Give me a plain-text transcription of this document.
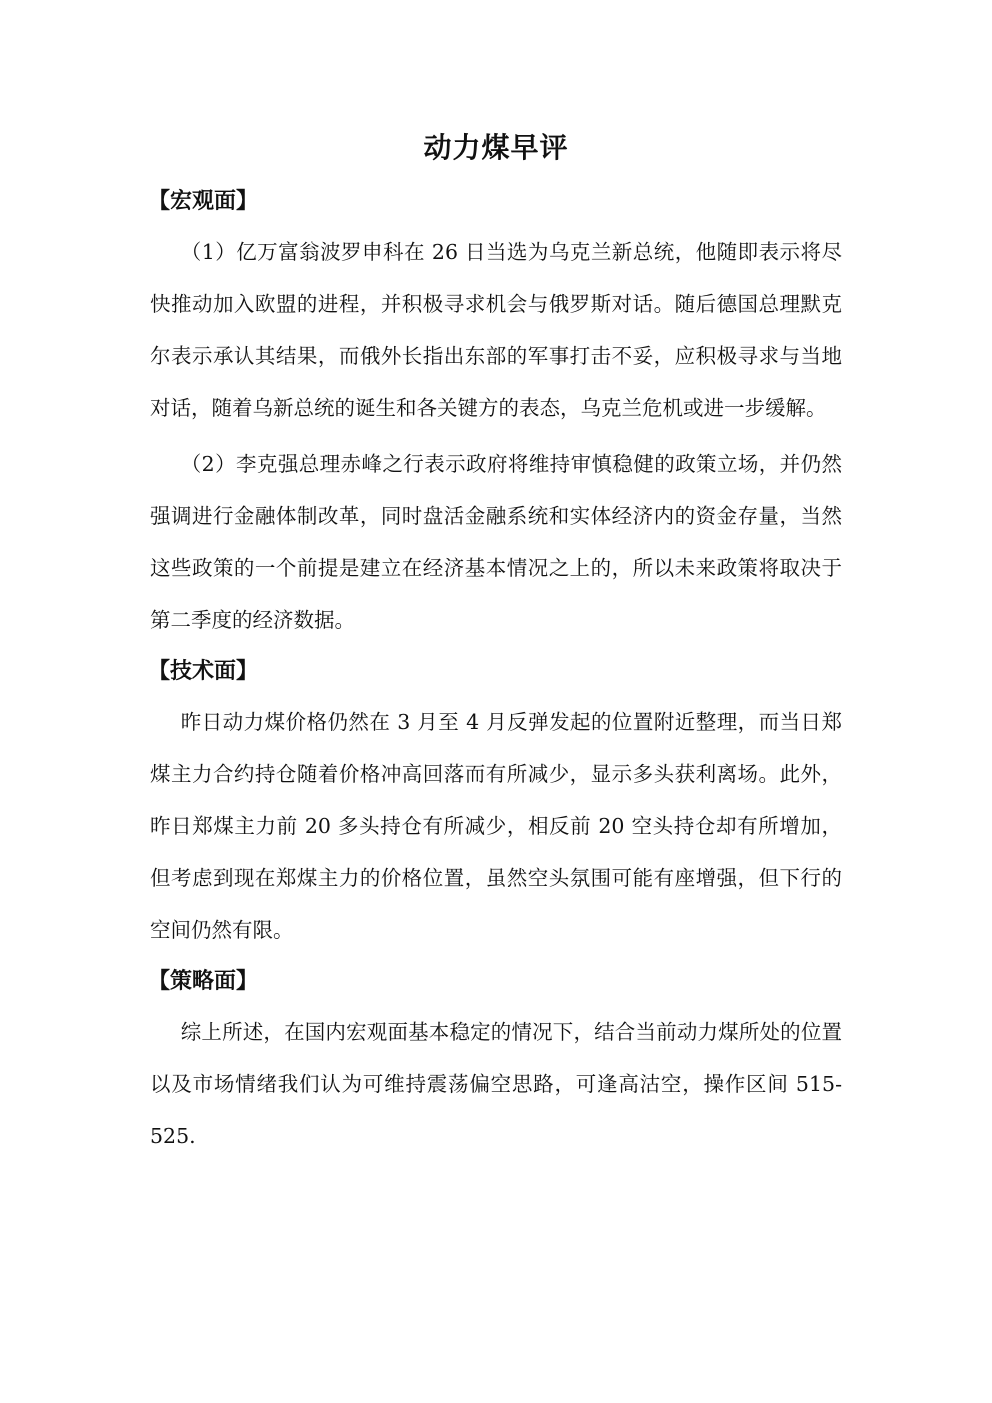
动力煤早评
【宏观面】

（1）亿万富翁波罗申科在 26 日当选为乌克兰新总统，他随即表示将尽快推动加入欧盟的进程，并积极寻求机会与俄罗斯对话。随后德国总理默克尔表示承认其结果，而俄外长指出东部的军事打击不妥，应积极寻求与当地对话，随着乌新总统的诞生和各关键方的表态，乌克兰危机或进一步缓解。

（2）李克强总理赤峰之行表示政府将维持审慎稳健的政策立场，并仍然强调进行金融体制改革，同时盘活金融系统和实体经济内的资金存量，当然这些政策的一个前提是建立在经济基本情况之上的，所以未来政策将取决于第二季度的经济数据。

【技术面】

昨日动力煤价格仍然在 3 月至 4 月反弹发起的位置附近整理，而当日郑煤主力合约持仓随着价格冲高回落而有所减少，显示多头获利离场。此外，昨日郑煤主力前 20 多头持仓有所减少，相反前 20 空头持仓却有所增加，但考虑到现在郑煤主力的价格位置，虽然空头氛围可能有座增强，但下行的空间仍然有限。

【策略面】

综上所述，在国内宏观面基本稳定的情况下，结合当前动力煤所处的位置以及市场情绪我们认为可维持震荡偏空思路，可逢高沽空，操作区间 515-525.
